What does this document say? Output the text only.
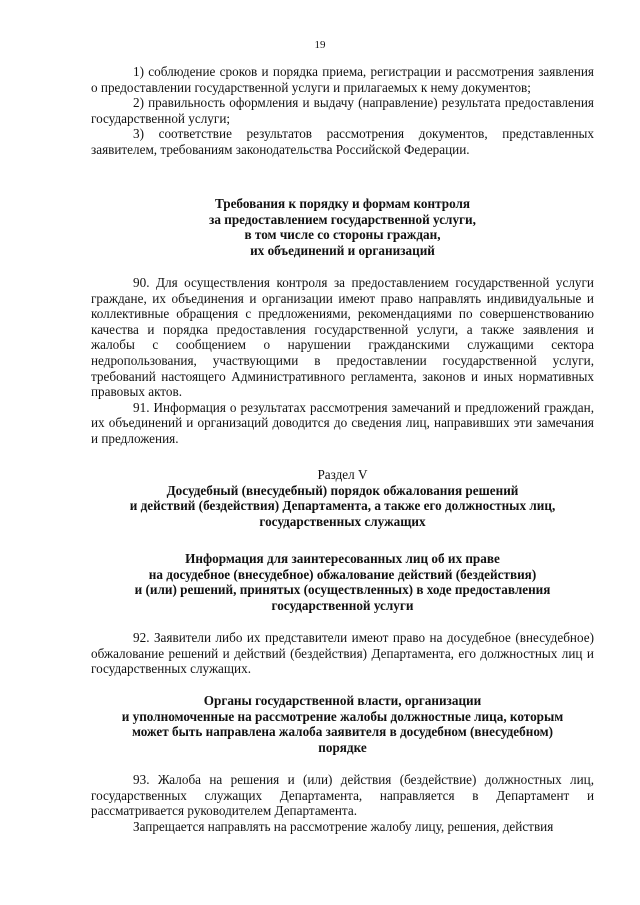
19

1) соблюдение сроков и порядка приема, регистрации и рассмотрения заявления о предоставлении государственной услуги и прилагаемых к нему документов;

2) правильность оформления и выдачу (направление) результата предоставления государственной услуги;

3) соответствие результатов рассмотрения документов, представленных заявителем, требованиям законодательства Российской Федерации.

Требования к порядку и формам контроля

за предоставлением государственной услуги,

в том числе со стороны граждан,

их объединений и организаций

90. Для осуществления контроля за предоставлением государственной услуги граждане, их объединения и организации имеют право направлять индивидуальные и коллективные обращения с предложениями, рекомендациями по совершенствованию качества и порядка предоставления государственной услуги, а также заявления и жалобы с сообщением о нарушении гражданскими служащими сектора недропользования, участвующими в предоставлении государственной услуги, требований настоящего Административного регламента, законов и иных нормативных правовых актов.

91. Информация о результатах рассмотрения замечаний и предложений граждан, их объединений и организаций доводится до сведения лиц, направивших эти замечания и предложения.

Раздел V

Досудебный (внесудебный) порядок обжалования решений

и действий (бездействия) Департамента, а также его должностных лиц,

государственных служащих

Информация для заинтересованных лиц об их праве

на досудебное (внесудебное) обжалование действий (бездействия)

и (или) решений, принятых (осуществленных) в ходе предоставления

государственной услуги

92. Заявители либо их представители имеют право на досудебное (внесудебное) обжалование решений и действий (бездействия) Департамента, его должностных лиц и государственных служащих.

Органы государственной власти, организации

и уполномоченные на рассмотрение жалобы должностные лица, которым

может быть направлена жалоба заявителя в досудебном (внесудебном)

порядке

93. Жалоба на решения и (или) действия (бездействие) должностных лиц, государственных служащих Департамента, направляется в Департамент и рассматривается руководителем Департамента.

Запрещается направлять на рассмотрение жалобу лицу, решения, действия
